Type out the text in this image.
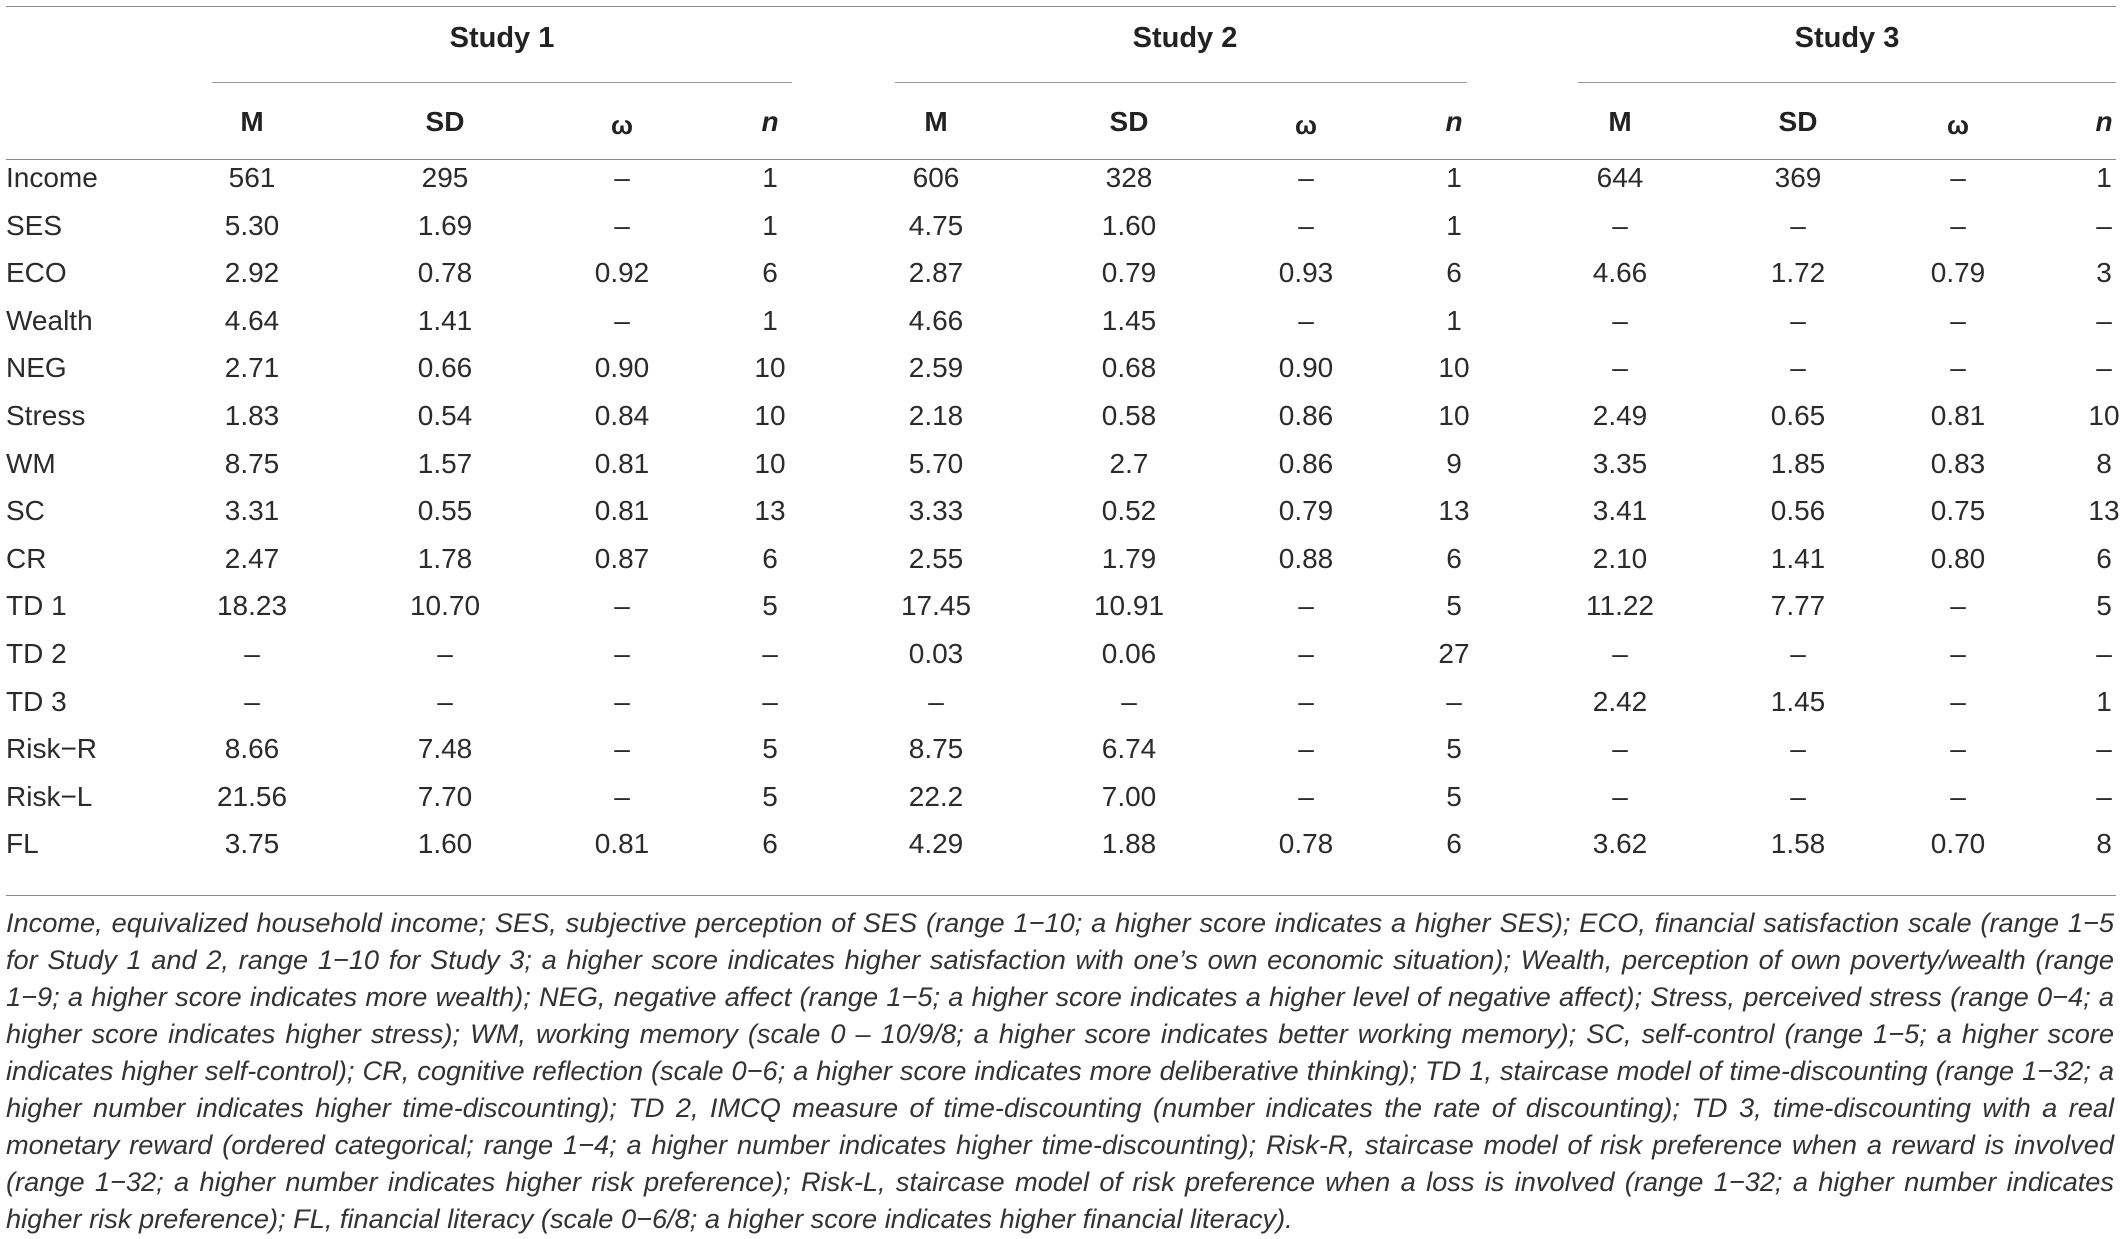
Study 1	Study 2	Study 3
M	SD	ω	n	M	SD	ω	n	M	SD	ω	n
Income	561	295	–	1	606	328	–	1	644	369	–	1
SES	5.30	1.69	–	1	4.75	1.60	–	1	–	–	–	–
ECO	2.92	0.78	0.92	6	2.87	0.79	0.93	6	4.66	1.72	0.79	3
Wealth	4.64	1.41	–	1	4.66	1.45	–	1	–	–	–	–
NEG	2.71	0.66	0.90	10	2.59	0.68	0.90	10	–	–	–	–
Stress	1.83	0.54	0.84	10	2.18	0.58	0.86	10	2.49	0.65	0.81	10
WM	8.75	1.57	0.81	10	5.70	2.7	0.86	9	3.35	1.85	0.83	8
SC	3.31	0.55	0.81	13	3.33	0.52	0.79	13	3.41	0.56	0.75	13
CR	2.47	1.78	0.87	6	2.55	1.79	0.88	6	2.10	1.41	0.80	6
TD 1	18.23	10.70	–	5	17.45	10.91	–	5	11.22	7.77	–	5
TD 2	–	–	–	–	0.03	0.06	–	27	–	–	–	–
TD 3	–	–	–	–	–	–	–	–	2.42	1.45	–	1
Risk−R	8.66	7.48	–	5	8.75	6.74	–	5	–	–	–	–
Risk−L	21.56	7.70	–	5	22.2	7.00	–	5	–	–	–	–
FL	3.75	1.60	0.81	6	4.29	1.88	0.78	6	3.62	1.58	0.70	8
Income, equivalized household income; SES, subjective perception of SES (range 1−10; a higher score indicates a higher SES); ECO, financial satisfaction scale (range 1−5 for Study 1 and 2, range 1−10 for Study 3; a higher score indicates higher satisfaction with one’s own economic situation); Wealth, perception of own poverty/wealth (range 1−9; a higher score indicates more wealth); NEG, negative affect (range 1−5; a higher score indicates a higher level of negative affect); Stress, perceived stress (range 0−4; a higher score indicates higher stress); WM, working memory (scale 0 – 10/9/8; a higher score indicates better working memory); SC, self-control (range 1−5; a higher score indicates higher self-control); CR, cognitive reflection (scale 0−6; a higher score indicates more deliberative thinking); TD 1, staircase model of time-discounting (range 1−32; a higher number indicates higher time-discounting); TD 2, IMCQ measure of time-discounting (number indicates the rate of discounting); TD 3, time-discounting with a real monetary reward (ordered categorical; range 1−4; a higher number indicates higher time-discounting); Risk-R, staircase model of risk preference when a reward is involved (range 1−32; a higher number indicates higher risk preference); Risk-L, staircase model of risk preference when a loss is involved (range 1−32; a higher number indicates higher risk preference); FL, financial literacy (scale 0−6/8; a higher score indicates higher financial literacy).
